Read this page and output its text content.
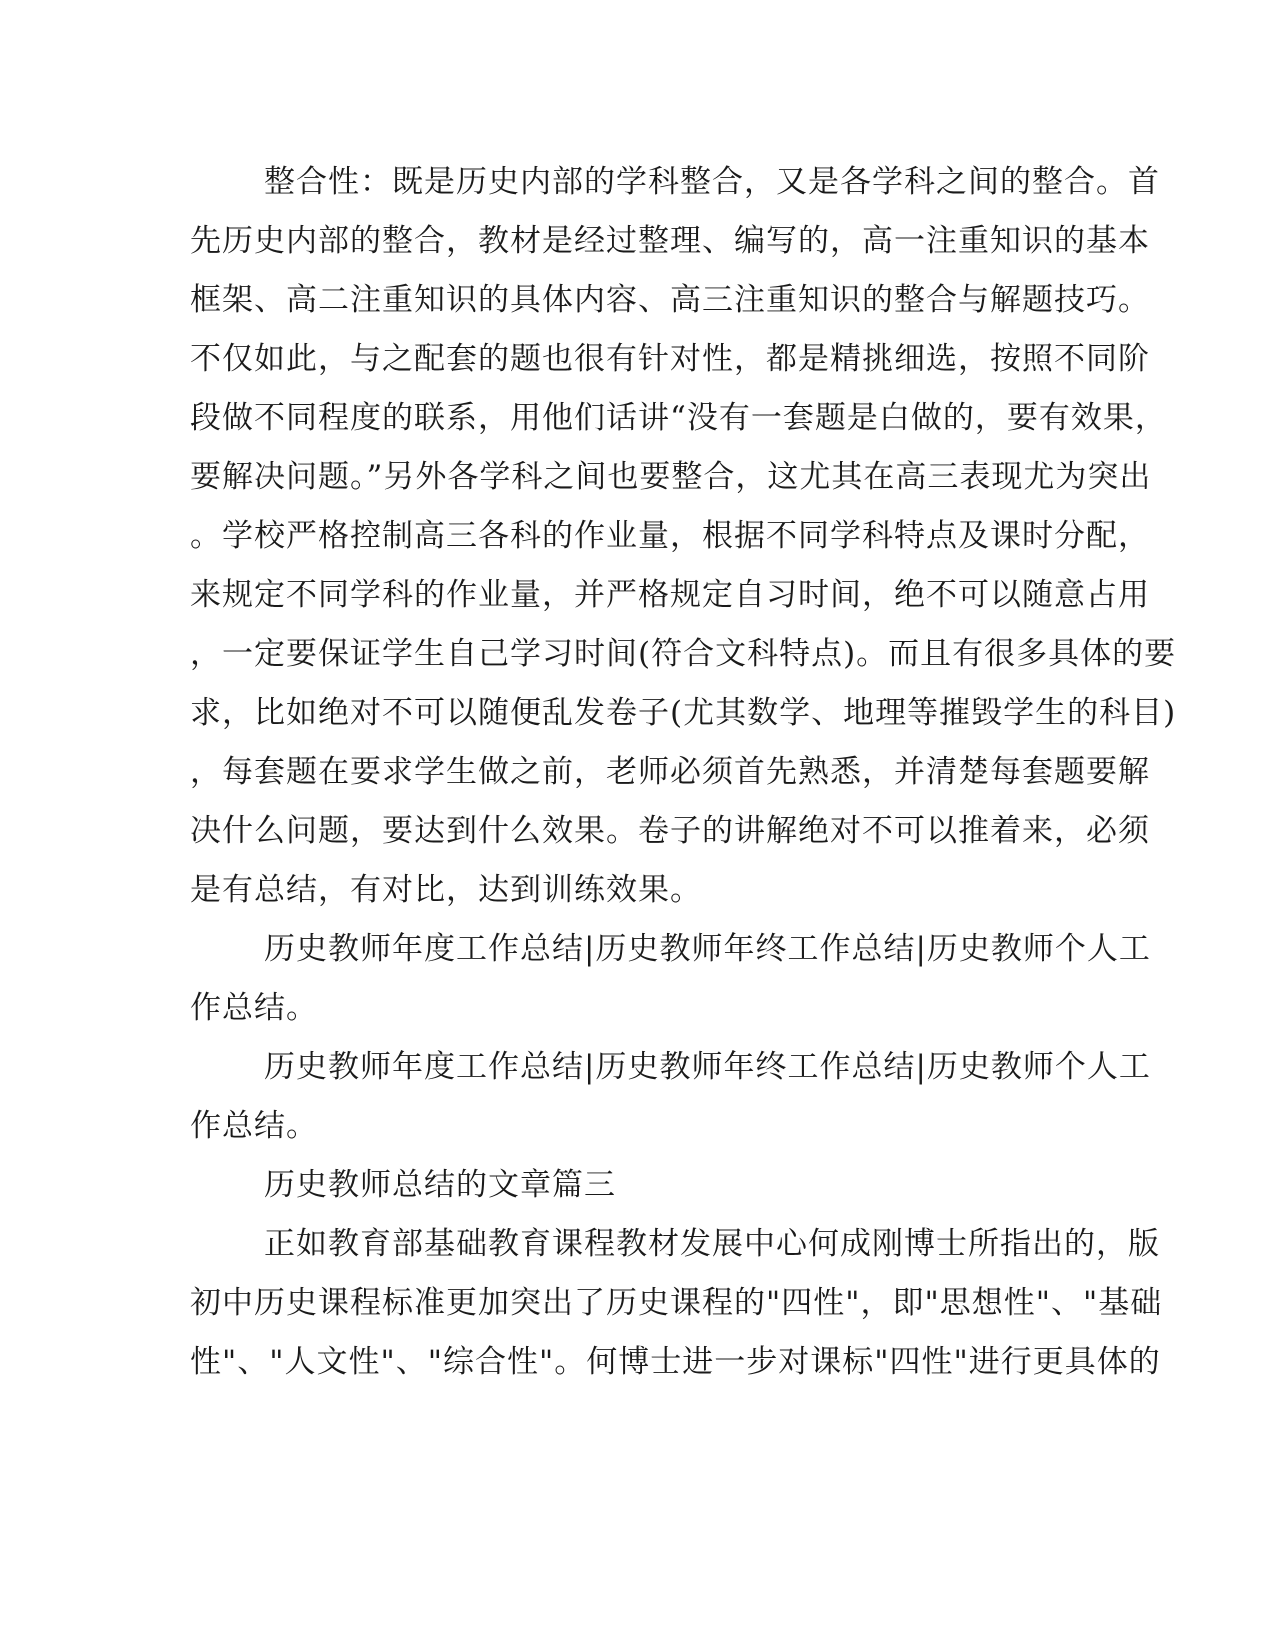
整合性：既是历史内部的学科整合，又是各学科之间的整合。首
先历史内部的整合，教材是经过整理、编写的，高一注重知识的基本
框架、高二注重知识的具体内容、高三注重知识的整合与解题技巧。
不仅如此，与之配套的题也很有针对性，都是精挑细选，按照不同阶
段做不同程度的联系，用他们话讲“没有一套题是白做的，要有效果，
要解决问题。”另外各学科之间也要整合，这尤其在高三表现尤为突出
。学校严格控制高三各科的作业量，根据不同学科特点及课时分配，
来规定不同学科的作业量，并严格规定自习时间，绝不可以随意占用
，一定要保证学生自己学习时间(符合文科特点)。而且有很多具体的要
求，比如绝对不可以随便乱发卷子(尤其数学、地理等摧毁学生的科目)
，每套题在要求学生做之前，老师必须首先熟悉，并清楚每套题要解
决什么问题，要达到什么效果。卷子的讲解绝对不可以推着来，必须
是有总结，有对比，达到训练效果。
历史教师年度工作总结|历史教师年终工作总结|历史教师个人工
作总结。
历史教师年度工作总结|历史教师年终工作总结|历史教师个人工
作总结。
历史教师总结的文章篇三
正如教育部基础教育课程教材发展中心何成刚博士所指出的，版
初中历史课程标准更加突出了历史课程的"四性"，即"思想性"、"基础
性"、"人文性"、"综合性"。何博士进一步对课标"四性"进行更具体的
